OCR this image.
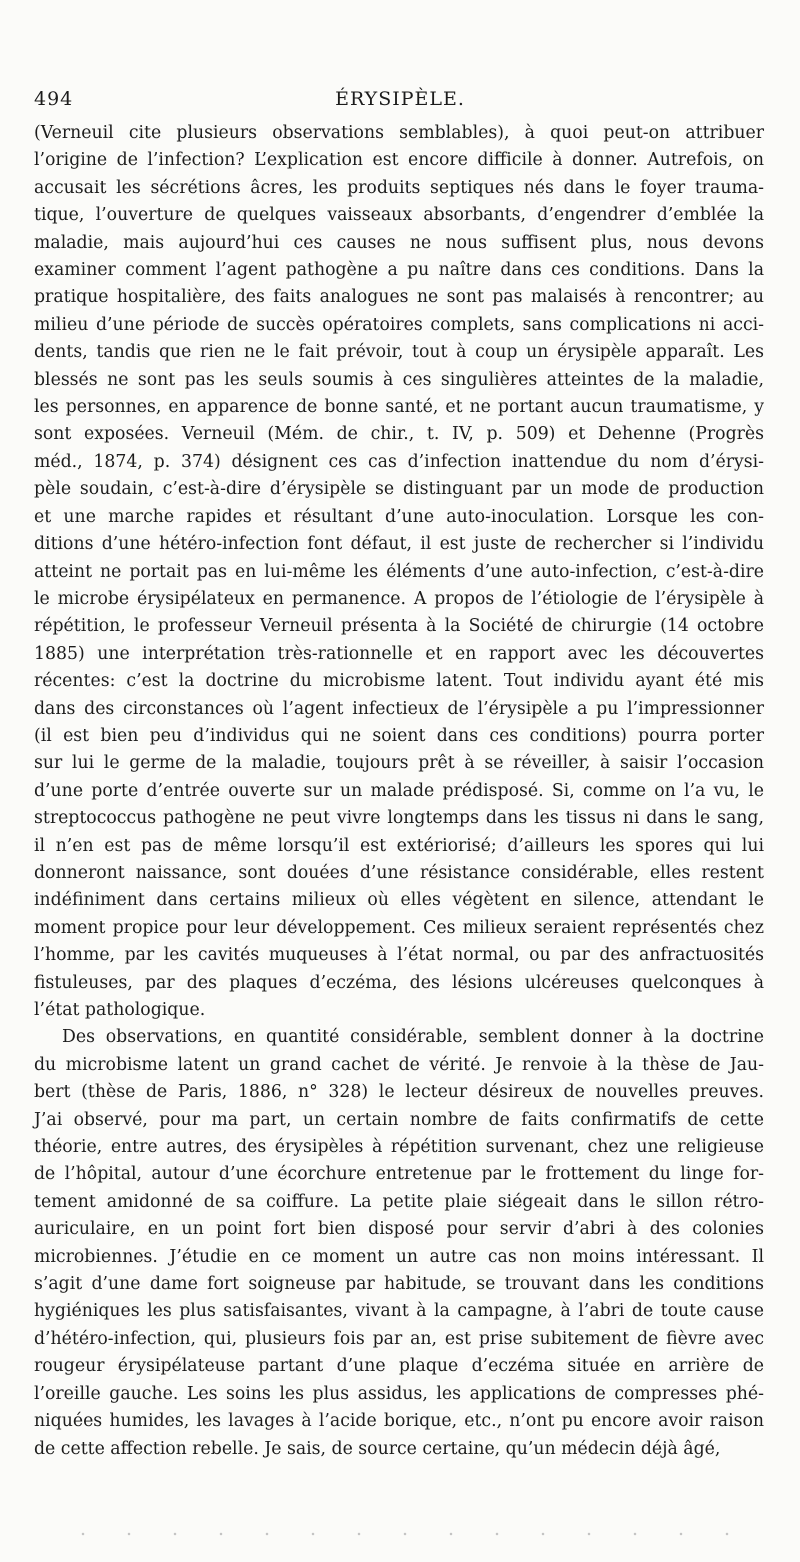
494	ÉRYSIPÈLE.

(Verneuil cite plusieurs observations semblables), à quoi peut-on attribuer
l’origine de l’infection? L’explication est encore difficile à donner. Autrefois, on
accusait les sécrétions âcres, les produits septiques nés dans le foyer trauma-
tique, l’ouverture de quelques vaisseaux absorbants, d’engendrer d’emblée la
maladie, mais aujourd’hui ces causes ne nous suffisent plus, nous devons
examiner comment l’agent pathogène a pu naître dans ces conditions. Dans la
pratique hospitalière, des faits analogues ne sont pas malaisés à rencontrer; au
milieu d’une période de succès opératoires complets, sans complications ni acci-
dents, tandis que rien ne le fait prévoir, tout à coup un érysipèle apparaît. Les
blessés ne sont pas les seuls soumis à ces singulières atteintes de la maladie,
les personnes, en apparence de bonne santé, et ne portant aucun traumatisme, y
sont exposées. Verneuil (Mém. de chir., t. IV, p. 509) et Dehenne (Progrès
méd., 1874, p. 374) désignent ces cas d’infection inattendue du nom d’érysi-
pèle soudain, c’est-à-dire d’érysipèle se distinguant par un mode de production
et une marche rapides et résultant d’une auto-inoculation. Lorsque les con-
ditions d’une hétéro-infection font défaut, il est juste de rechercher si l’individu
atteint ne portait pas en lui-même les éléments d’une auto-infection, c’est-à-dire
le microbe érysipélateux en permanence. A propos de l’étiologie de l’érysipèle à
répétition, le professeur Verneuil présenta à la Société de chirurgie (14 octobre
1885) une interprétation très-rationnelle et en rapport avec les découvertes
récentes: c’est la doctrine du microbisme latent. Tout individu ayant été mis
dans des circonstances où l’agent infectieux de l’érysipèle a pu l’impressionner
(il est bien peu d’individus qui ne soient dans ces conditions) pourra porter
sur lui le germe de la maladie, toujours prêt à se réveiller, à saisir l’occasion
d’une porte d’entrée ouverte sur un malade prédisposé. Si, comme on l’a vu, le
streptococcus pathogène ne peut vivre longtemps dans les tissus ni dans le sang,
il n’en est pas de même lorsqu’il est extériorisé; d’ailleurs les spores qui lui
donneront naissance, sont douées d’une résistance considérable, elles restent
indéfiniment dans certains milieux où elles végètent en silence, attendant le
moment propice pour leur développement. Ces milieux seraient représentés chez
l’homme, par les cavités muqueuses à l’état normal, ou par des anfractuosités
fistuleuses, par des plaques d’eczéma, des lésions ulcéreuses quelconques à
l’état pathologique.

Des observations, en quantité considérable, semblent donner à la doctrine
du microbisme latent un grand cachet de vérité. Je renvoie à la thèse de Jau-
bert (thèse de Paris, 1886, n° 328) le lecteur désireux de nouvelles preuves.
J’ai observé, pour ma part, un certain nombre de faits confirmatifs de cette
théorie, entre autres, des érysipèles à répétition survenant, chez une religieuse
de l’hôpital, autour d’une écorchure entretenue par le frottement du linge for-
tement amidonné de sa coiffure. La petite plaie siégeait dans le sillon rétro-
auriculaire, en un point fort bien disposé pour servir d’abri à des colonies
microbiennes. J’étudie en ce moment un autre cas non moins intéressant. Il
s’agit d’une dame fort soigneuse par habitude, se trouvant dans les conditions
hygiéniques les plus satisfaisantes, vivant à la campagne, à l’abri de toute cause
d’hétéro-infection, qui, plusieurs fois par an, est prise subitement de fièvre avec
rougeur érysipélateuse partant d’une plaque d’eczéma située en arrière de
l’oreille gauche. Les soins les plus assidus, les applications de compresses phé-
niquées humides, les lavages à l’acide borique, etc., n’ont pu encore avoir raison
de cette affection rebelle. Je sais, de source certaine, qu’un médecin déjà âgé,
